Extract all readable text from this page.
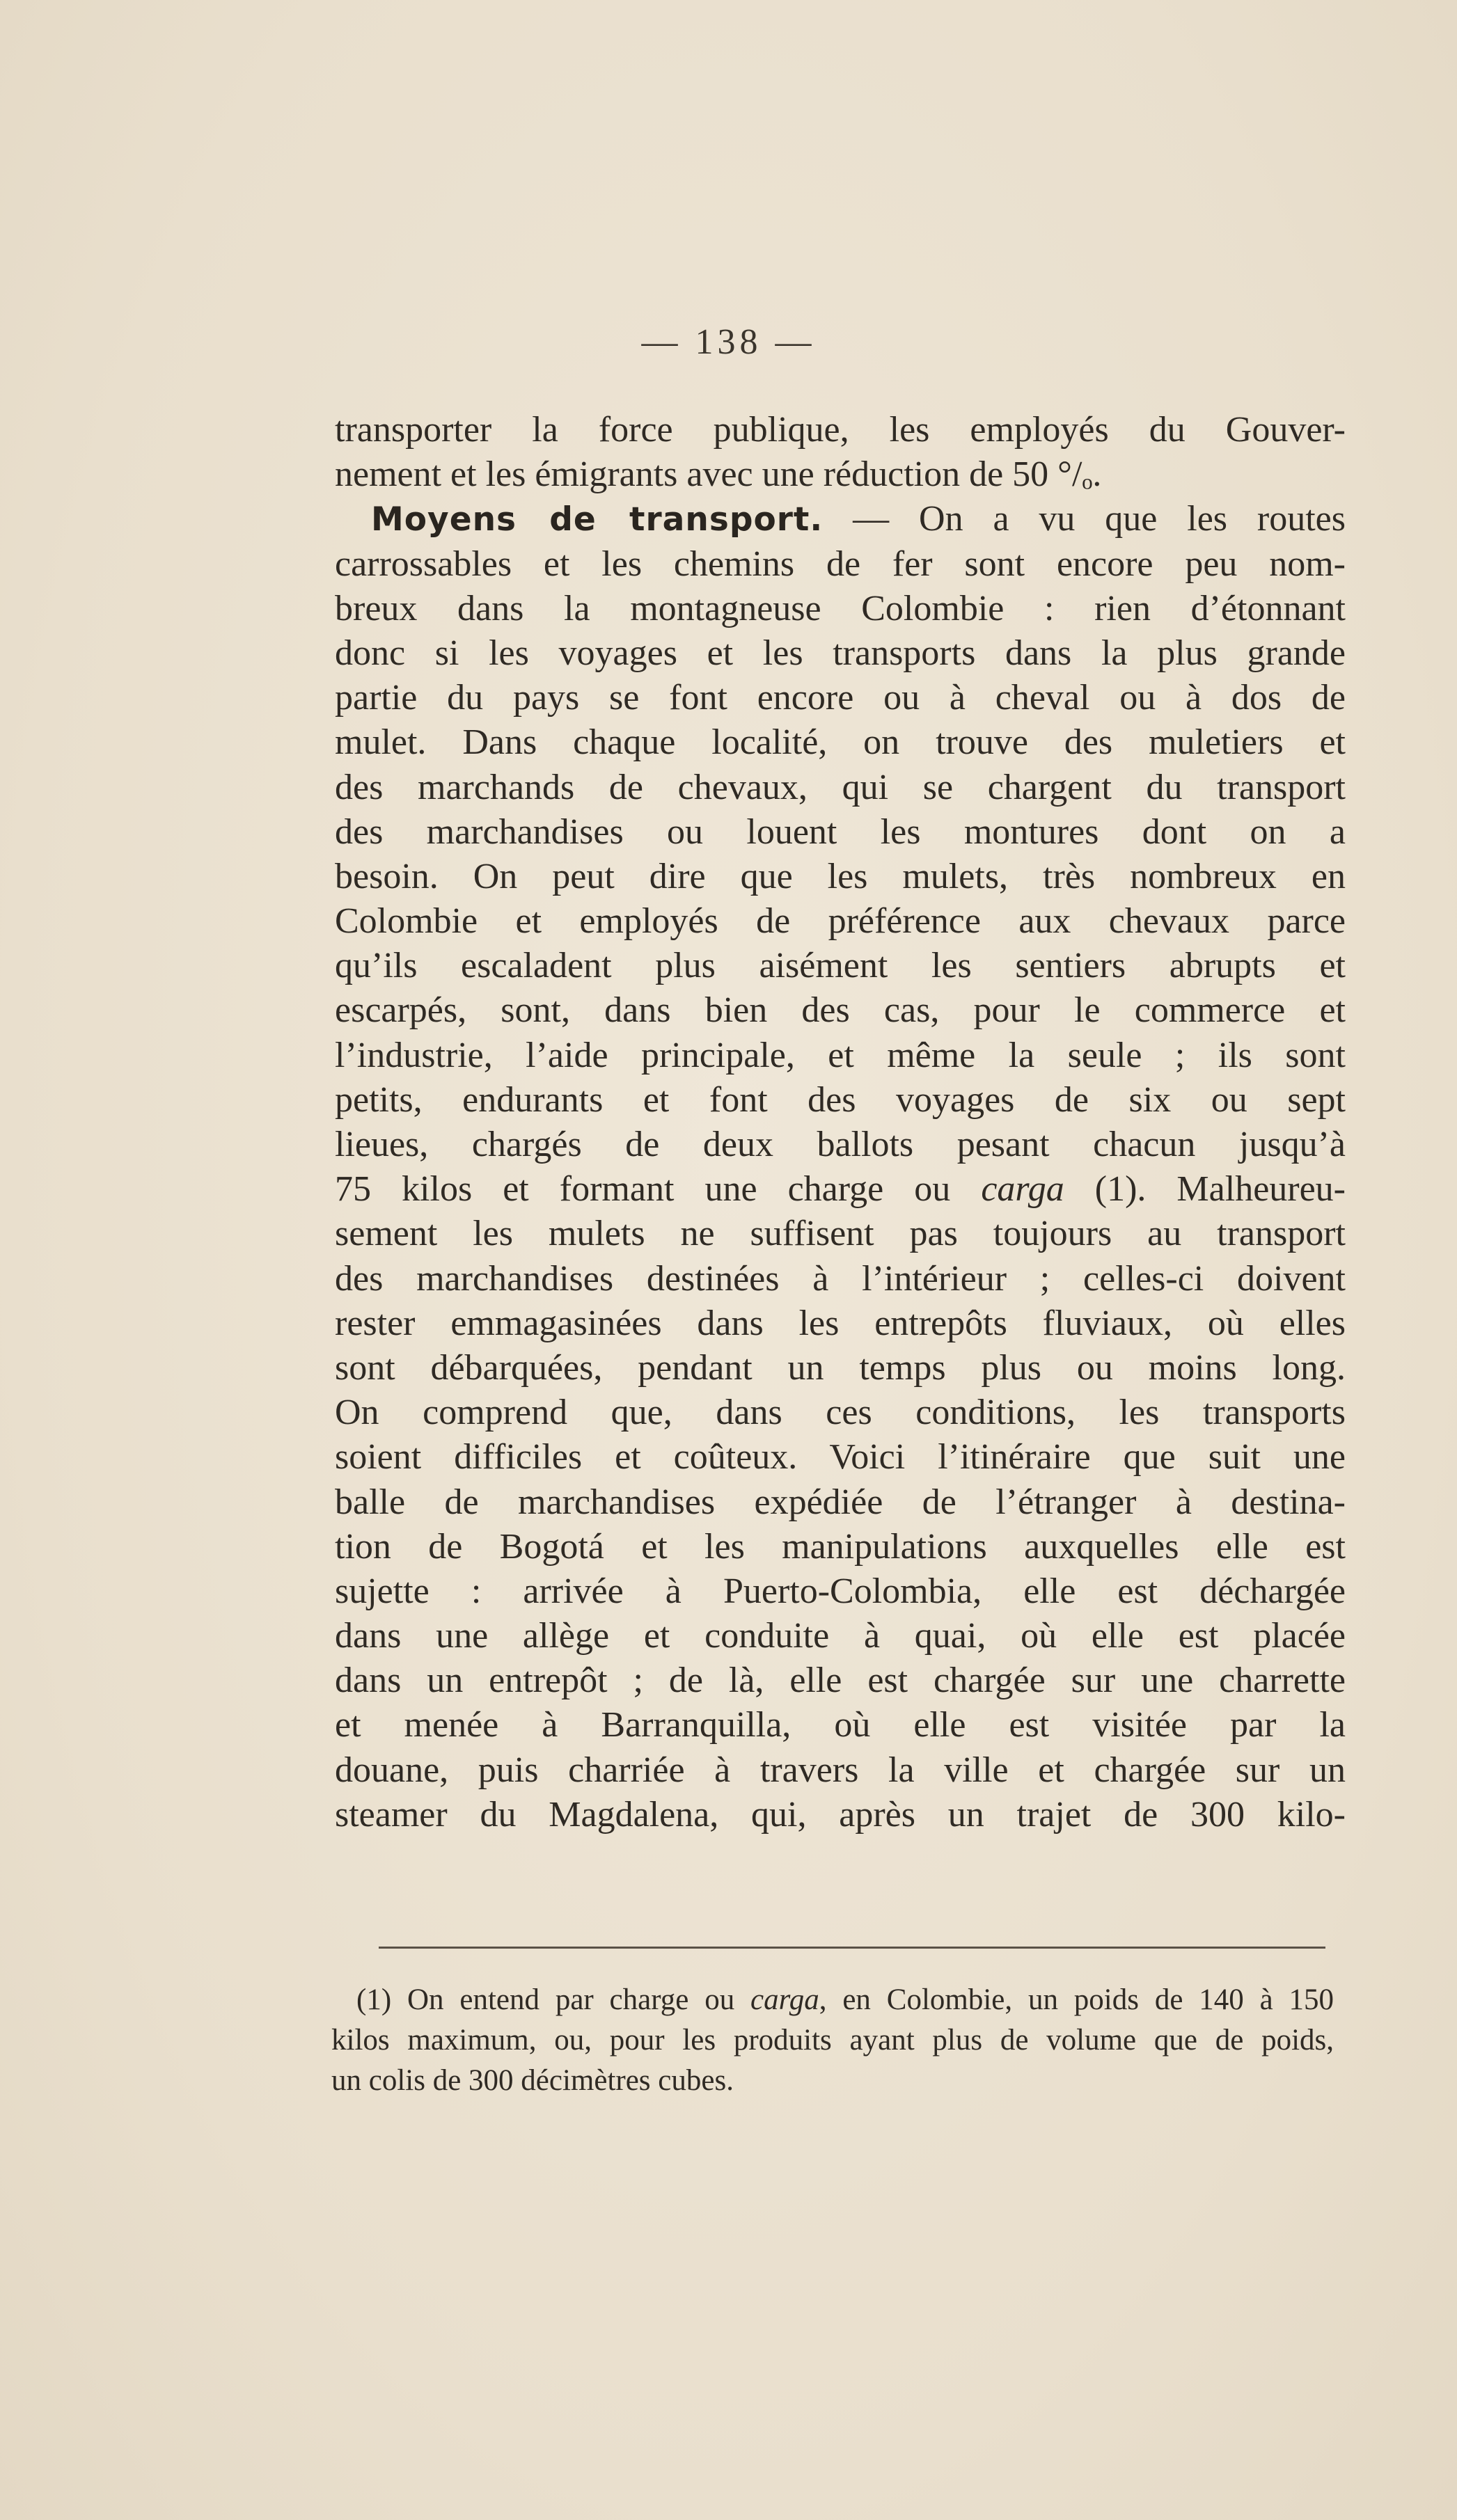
— 138 —
transporter la force publique, les employés du Gouver-
nement et les émigrants avec une réduction de 50 °/ₒ.
Moyens de transport. — On a vu que les routes
carrossables et les chemins de fer sont encore peu nom-
breux dans la montagneuse Colombie : rien d’étonnant
donc si les voyages et les transports dans la plus grande
partie du pays se font encore ou à cheval ou à dos de
mulet. Dans chaque localité, on trouve des muletiers et
des marchands de chevaux, qui se chargent du transport
des marchandises ou louent les montures dont on a
besoin. On peut dire que les mulets, très nombreux en
Colombie et employés de préférence aux chevaux parce
qu’ils escaladent plus aisément les sentiers abrupts et
escarpés, sont, dans bien des cas, pour le commerce et
l’industrie, l’aide principale, et même la seule ; ils sont
petits, endurants et font des voyages de six ou sept
lieues, chargés de deux ballots pesant chacun jusqu’à
75 kilos et formant une charge ou carga (1). Malheureu-
sement les mulets ne suffisent pas toujours au transport
des marchandises destinées à l’intérieur ; celles-ci doivent
rester emmagasinées dans les entrepôts fluviaux, où elles
sont débarquées, pendant un temps plus ou moins long.
On comprend que, dans ces conditions, les transports
soient difficiles et coûteux. Voici l’itinéraire que suit une
balle de marchandises expédiée de l’étranger à destina-
tion de Bogotá et les manipulations auxquelles elle est
sujette : arrivée à Puerto-Colombia, elle est déchargée
dans une allège et conduite à quai, où elle est placée
dans un entrepôt ; de là, elle est chargée sur une charrette
et menée à Barranquilla, où elle est visitée par la
douane, puis charriée à travers la ville et chargée sur un
steamer du Magdalena, qui, après un trajet de 300 kilo-
(1) On entend par charge ou carga, en Colombie, un poids de 140 à 150
kilos maximum, ou, pour les produits ayant plus de volume que de poids,
un colis de 300 décimètres cubes.
